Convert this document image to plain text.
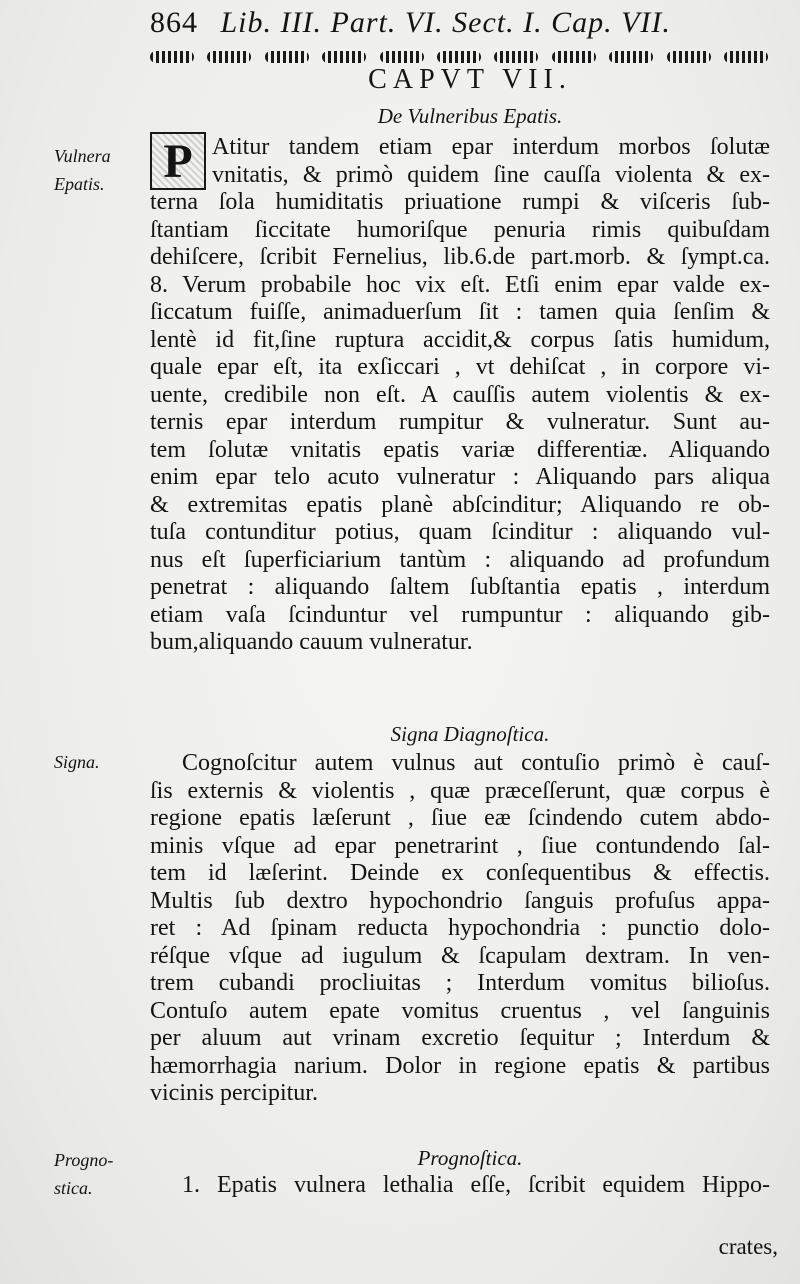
864 Lib. III. Part. VI. Sect. I. Cap. VII.
CAPVT VII.
De Vulneribus Epatis.
Vulnera
Epatis.	P Atitur tandem etiam epar interdum morbos ſolutæ
vnitatis, & primò quidem ſine cauſſa violenta & ex-
terna ſola humiditatis priuatione rumpi & viſceris ſub-
ſtantiam ſiccitate humoriſque penuria rimis quibuſdam
dehiſcere, ſcribit Fernelius, lib.6.de part.morb. & ſympt.ca.
8. Verum probabile hoc vix eſt. Etſi enim epar valde ex-
ſiccatum fuiſſe, animaduerſum ſit : tamen quia ſenſim &
lentè id fit,ſine ruptura accidit,& corpus ſatis humidum,
quale epar eſt, ita exſiccari , vt dehiſcat , in corpore vi-
uente, credibile non eſt. A cauſſis autem violentis & ex-
ternis epar interdum rumpitur & vulneratur. Sunt au-
tem ſolutæ vnitatis epatis variæ differentiæ. Aliquando
enim epar telo acuto vulneratur : Aliquando pars aliqua
& extremitas epatis planè abſcinditur; Aliquando re ob-
tuſa contunditur potius, quam ſcinditur : aliquando vul-
nus eſt ſuperficiarium tantùm : aliquando ad profundum
penetrat : aliquando ſaltem ſubſtantia epatis , interdum
etiam vaſa ſcinduntur vel rumpuntur : aliquando gib-
bum,aliquando cauum vulneratur.
Signa Diagnoſtica.
Signa.	Cognoſcitur autem vulnus aut contuſio primò è cauſ-
ſis externis & violentis , quæ præceſſerunt, quæ corpus è
regione epatis læſerunt , ſiue eæ ſcindendo cutem abdo-
minis vſque ad epar penetrarint , ſiue contundendo ſal-
tem id læſerint. Deinde ex conſequentibus & effectis.
Multis ſub dextro hypochondrio ſanguis profuſus appa-
ret : Ad ſpinam reducta hypochondria : punctio dolo-
réſque vſque ad iugulum & ſcapulam dextram. In ven-
trem cubandi procliuitas ; Interdum vomitus bilioſus.
Contuſo autem epate vomitus cruentus , vel ſanguinis
per aluum aut vrinam excretio ſequitur ; Interdum &
hæmorrhagia narium. Dolor in regione epatis & partibus
vicinis percipitur.
Progno-
stica.
Prognoſtica.
1. Epatis vulnera lethalia eſſe, ſcribit equidem Hippo-
crates,
